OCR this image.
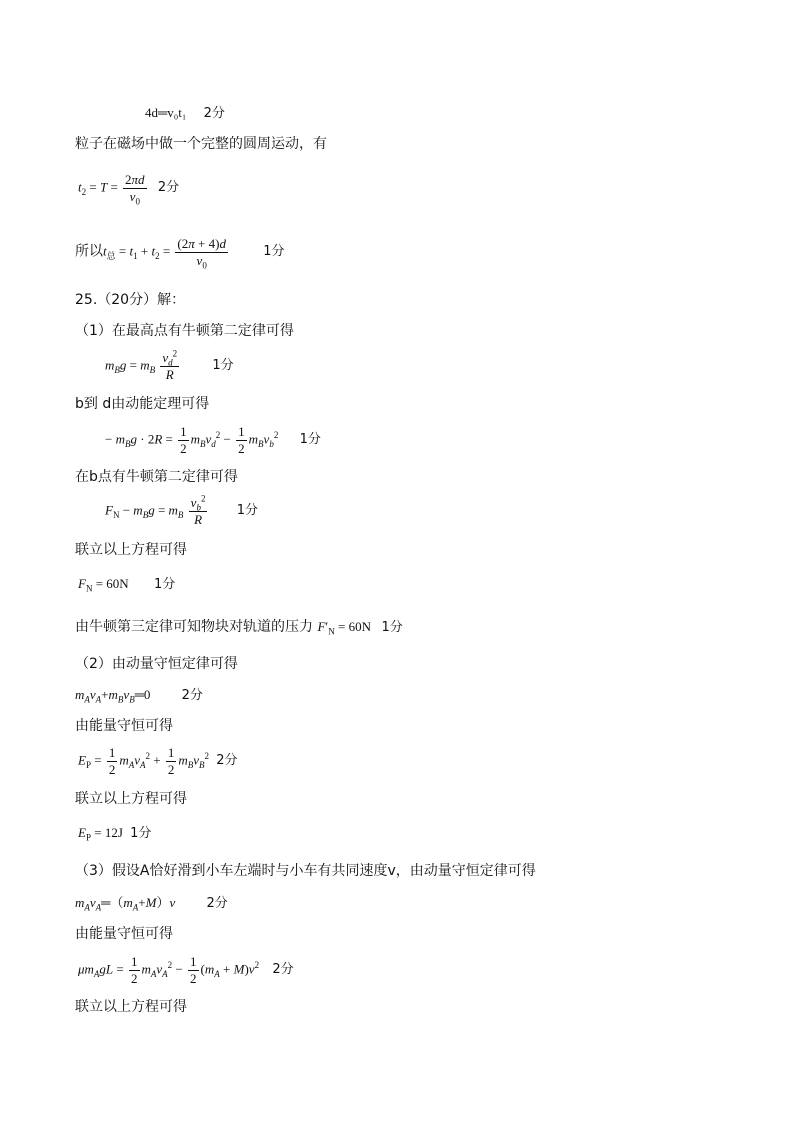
4d═v₀t₁ 2分
粒子在磁场中做一个完整的圆周运动，有
$t_2 = T = \frac{2\pi d}{v_0} 2$分
所以$t_总 = t_1 + t_2 = \frac{(2\pi + 4)d}{v_0}$	1分
25.（20分）解：
（1）在最高点有牛顿第二定律可得
$m_Bg = m_B \frac{v_d^2}{R}$	1分
b到 d由动能定理可得
− $m_Bg \cdot 2R = \frac{1}{2} m_Bv_d^2 - \frac{1}{2} m_Bv_b^2$ 1分
在b点有牛顿第二定律可得
$F_N - m_Bg = m_B \frac{v_b^2}{R} 1$分
联立以上方程可得
$F_N = 60N$ 1分
由牛顿第三定律可知物块对轨道的压力 $F'_N = 60N$ 1分
（2）由动量守恒定律可得
$m_Av_A+m_Bv_B═0$ 2分
由能量守恒可得
$E_P = \frac{1}{2} m_Av_A^2 + \frac{1}{2} m_Bv_B^2$ 2分
联立以上方程可得
$E_P = 12J$ 1分
（3）假设A恰好滑到小车左端时与小车有共同速度v，由动量守恒定律可得
$m_Av_A═(m_A+M)v$ 2分
由能量守恒可得
$\mu m_AgL = \frac{1}{2} m_Av_A^2 - \frac{1}{2} (m_A + M)v^2$ 2分
联立以上方程可得
